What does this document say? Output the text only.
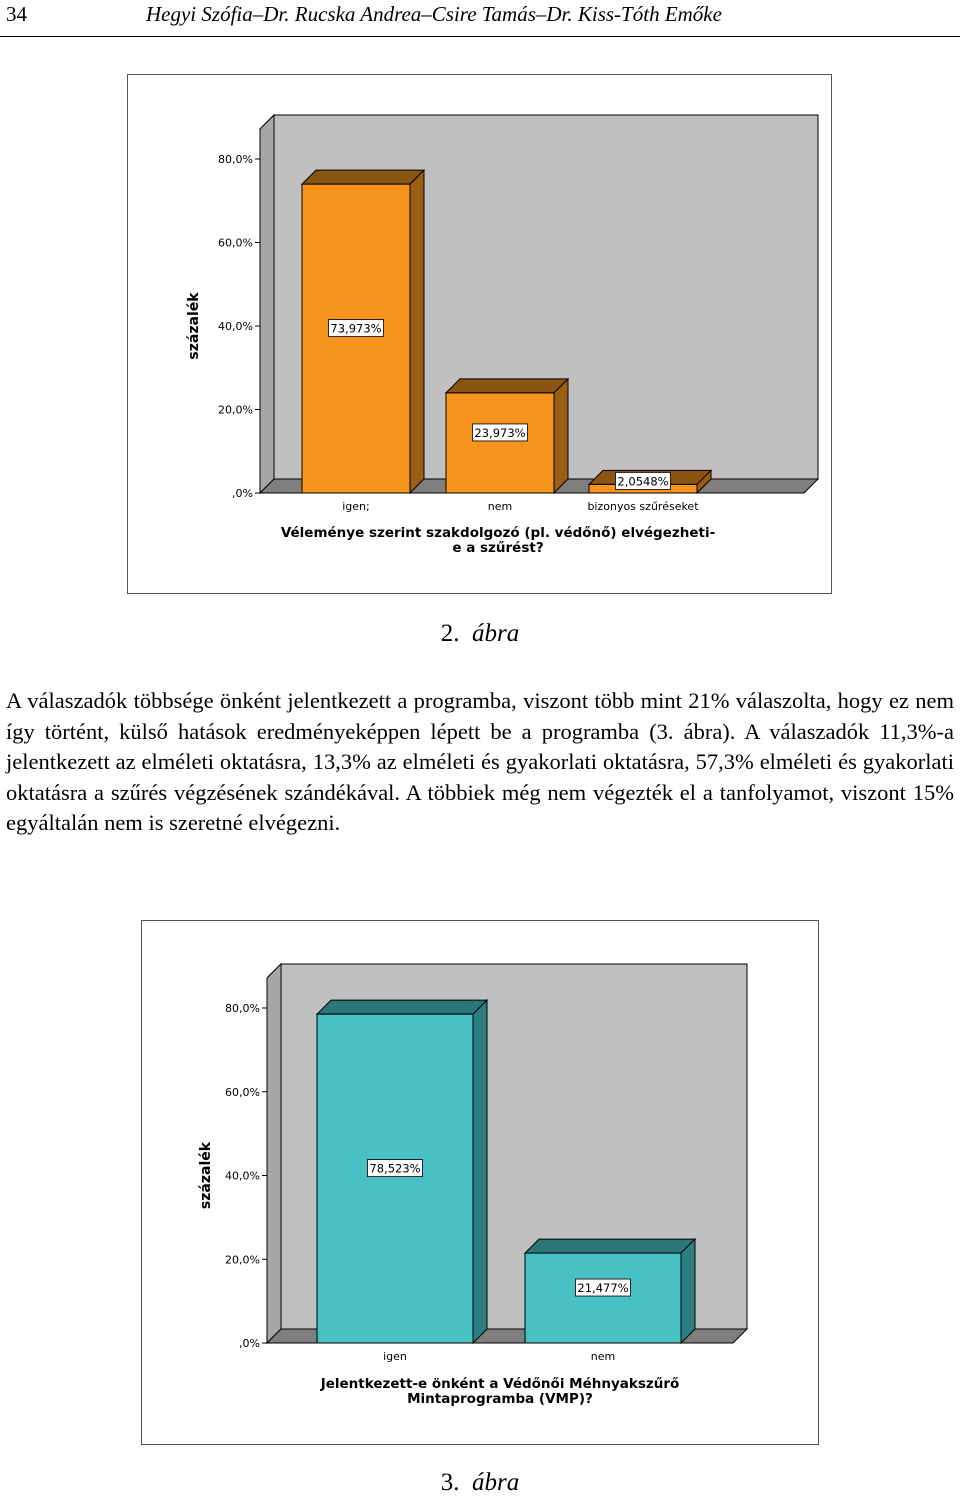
34	Hegyi Szófia–Dr. Rucska Andrea–Csire Tamás–Dr. Kiss-Tóth Emőke
,0%
20,0%
40,0%
60,0%
80,0%
százalék	73,973%
igen;
23,973%
nem
2,0548%
bizonyos szűréseket
Véleménye szerint szakdolgozó (pl. védőnő) elvégezheti-
e a szűrést?
2. ábra
A válaszadók többsége önként jelentkezett a programba, viszont több mint 21% válaszolta, hogy ez nem így történt, külső hatások eredményeképpen lépett be a programba (3. ábra). A válaszadók 11,3%-a jelentkezett az elméleti oktatásra, 13,3% az elméleti és gyakorlati oktatásra, 57,3% elméleti és gyakorlati oktatásra a szűrés végzésének szándékával. A többiek még nem végezték el a tanfolyamot, viszont 15% egyáltalán nem is szeretné elvégezni.
,0%
20,0%
40,0%
60,0%
80,0%
százalék	78,523%
igen
21,477%
nem
Jelentkezett-e önként a Védőnői Méhnyakszűrő
Mintaprogramba (VMP)?
3. ábra
